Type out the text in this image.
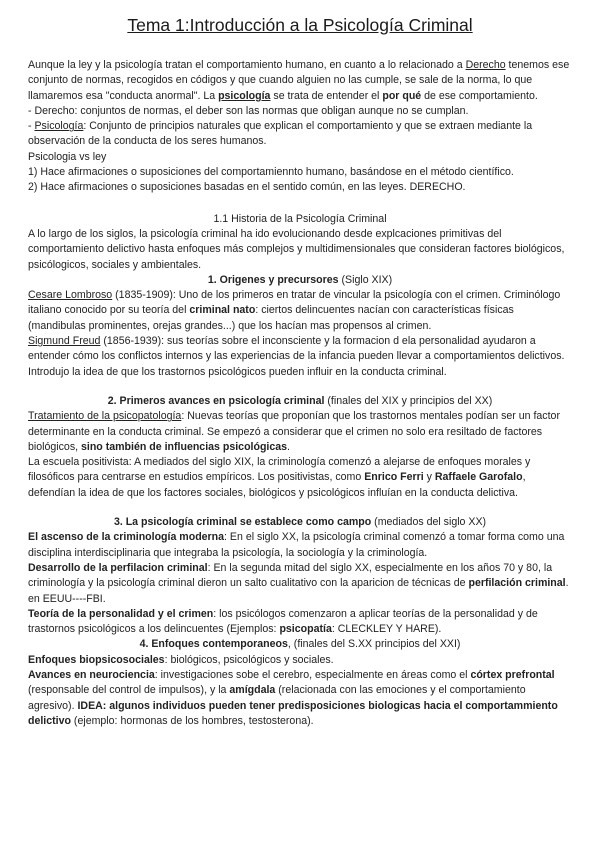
Tema 1:Introducción a la Psicología Criminal

Aunque la ley y la psicología tratan el comportamiento humano, en cuanto a lo relacionado a Derecho tenemos ese conjunto de normas, recogidos en códigos y que cuando alguien no las cumple, se sale de la norma, lo que llamaremos esa "conducta anormal". La psicología se trata de entender el por qué de ese comportamiento.

- Derecho: conjuntos de normas, el deber son las normas que obligan aunque no se cumplan.

- Psicología: Conjunto de principios naturales que explican el comportamiento y que se extraen mediante la observación de la conducta de los seres humanos.

Psicologia vs ley

1) Hace afirmaciones o suposiciones del comportamiennto humano, basándose en el método científico.

2) Hace afirmaciones o suposiciones basadas en el sentido común, en las leyes. DERECHO.

1.1 Historia de la Psicología Criminal

A lo largo de los siglos, la psicología criminal ha ido evolucionando desde explcaciones primitivas del comportamiento delictivo hasta enfoques más complejos y multidimensionales que consideran factores biológicos, psicólogicos, sociales y ambientales.

1. Origenes y precursores (Siglo XIX)

Cesare Lombroso (1835-1909): Uno de los primeros en tratar de vincular la psicología con el crimen. Criminólogo italiano conocido por su teoría del criminal nato: ciertos delincuentes nacían con características físicas (mandibulas prominentes, orejas grandes...) que los hacían mas propensos al crimen.

Sigmund Freud (1856-1939): sus teorías sobre el inconsciente y la formacion d ela personalidad ayudaron a entender cómo los conflictos internos y las experiencias de la infancia pueden llevar a comportamientos delictivos. Introdujo la idea de que los trastornos psicológicos pueden influir en la conducta criminal.

2. Primeros avances en psicología criminal (finales del XIX y principios del XX)

Tratamiento de la psicopatología: Nuevas teorías que proponían que los trastornos mentales podían ser un factor determinante en la conducta criminal. Se empezó a considerar que el crimen no solo era resiltado de factores biológicos, sino también de influencias psicológicas.

La escuela positivista: A mediados del siglo XIX, la criminología comenzó a alejarse de enfoques morales y filosóficos para centrarse en estudios empíricos. Los positivistas, como Enrico Ferri y Raffaele Garofalo, defendían la idea de que los factores sociales, biológicos y psicológicos influían en la conducta delictiva.

3. La psicología criminal se establece como campo (mediados del siglo XX)

El ascenso de la criminología moderna: En el siglo XX, la psicología criminal comenzó a tomar forma como una disciplina interdisciplinaria que integraba la psicología, la sociología y la criminología.

Desarrollo de la perfilacion criminal: En la segunda mitad del siglo XX, especialmente en los años 70 y 80, la criminología y la psicología criminal dieron un salto cualitativo con la aparicion de técnicas de perfilación criminal. en EEUU----FBI.

Teoría de la personalidad y el crimen: los psicólogos comenzaron a aplicar teorías de la personalidad y de trastornos psicológicos a los delincuentes (Ejemplos: psicopatía: CLECKLEY Y HARE).

4. Enfoques contemporaneos, (finales del S.XX principios del XXI)

Enfoques biopsicosociales: biológicos, psicológicos y sociales.

Avances en neurociencia: investigaciones sobe el cerebro, especialmente en áreas como el córtex prefrontal (responsable del control de impulsos), y la amígdala (relacionada con las emociones y el comportamiento agresivo). IDEA: algunos individuos pueden tener predisposiciones biologicas hacia el comportammiento delictivo (ejemplo: hormonas de los hombres, testosterona).
